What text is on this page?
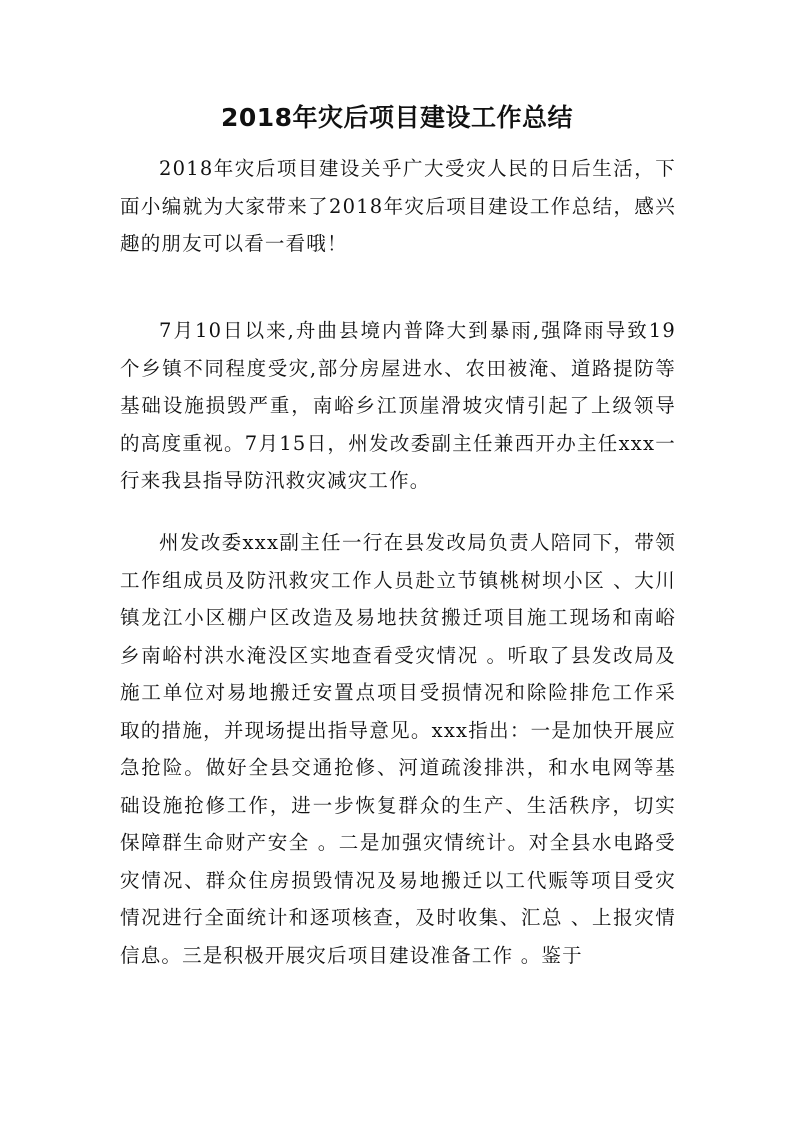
2018年灾后项目建设工作总结

2018年灾后项目建设关乎广大受灾人民的日后生活，下面小编就为大家带来了2018年灾后项目建设工作总结，感兴趣的朋友可以看一看哦！

7月10日以来,舟曲县境内普降大到暴雨,强降雨导致19个乡镇不同程度受灾,部分房屋进水、农田被淹、道路提防等基础设施损毁严重，南峪乡江顶崖滑坡灾情引起了上级领导的高度重视。7月15日，州发改委副主任兼西开办主任xxx一行来我县指导防汛救灾减灾工作。

州发改委xxx副主任一行在县发改局负责人陪同下，带领工作组成员及防汛救灾工作人员赴立节镇桃树坝小区 、大川镇龙江小区棚户区改造及易地扶贫搬迁项目施工现场和南峪乡南峪村洪水淹没区实地查看受灾情况 。听取了县发改局及施工单位对易地搬迁安置点项目受损情况和除险排危工作采取的措施，并现场提出指导意见。xxx指出：一是加快开展应急抢险。做好全县交通抢修、河道疏浚排洪，和水电网等基础设施抢修工作，进一步恢复群众的生产、生活秩序，切实保障群生命财产安全 。二是加强灾情统计。对全县水电路受灾情况、群众住房损毁情况及易地搬迁以工代赈等项目受灾情况进行全面统计和逐项核查，及时收集、汇总 、上报灾情信息。三是积极开展灾后项目建设准备工作 。鉴于
